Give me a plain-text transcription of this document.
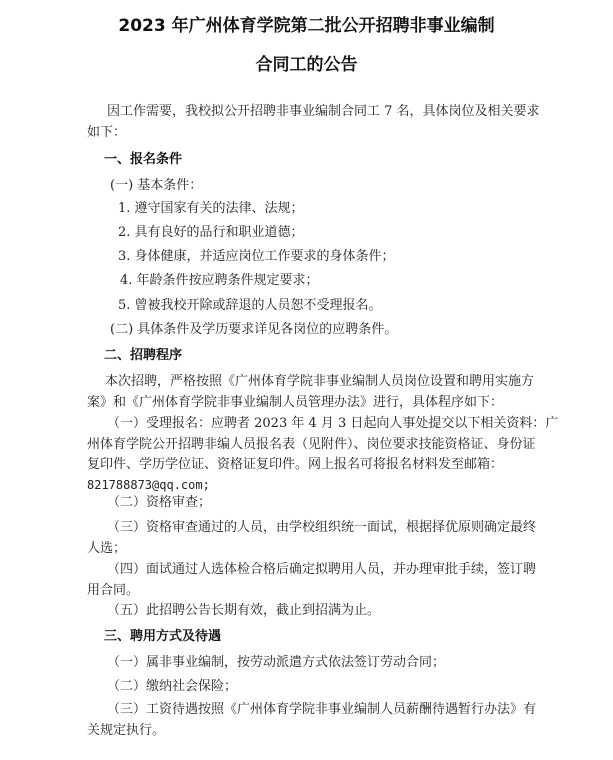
2023 年广州体育学院第二批公开招聘非事业编制
合同工的公告
因工作需要，我校拟公开招聘非事业编制合同工 7 名，具体岗位及相关要求
如下：
一、报名条件
(一) 基本条件：
1. 遵守国家有关的法律、法规；
2. 具有良好的品行和职业道德；
3. 身体健康，并适应岗位工作要求的身体条件；
4. 年龄条件按应聘条件规定要求；
5. 曾被我校开除或辞退的人员恕不受理报名。
(二) 具体条件及学历要求详见各岗位的应聘条件。
二、招聘程序
本次招聘，严格按照《广州体育学院非事业编制人员岗位设置和聘用实施方
案》和《广州体育学院非事业编制人员管理办法》进行，具体程序如下：
（一）受理报名：应聘者 2023 年 4 月 3 日起向人事处提交以下相关资料：广
州体育学院公开招聘非编人员报名表（见附件）、岗位要求技能资格证、身份证
复印件、学历学位证、资格证复印件。网上报名可将报名材料发至邮箱：
821788873@qq.com;
（二）资格审查；
（三）资格审查通过的人员，由学校组织统一面试，根据择优原则确定最终
人选；
（四）面试通过人选体检合格后确定拟聘用人员，并办理审批手续，签订聘
用合同。
（五）此招聘公告长期有效，截止到招满为止。
三、聘用方式及待遇
（一）属非事业编制，按劳动派遣方式依法签订劳动合同；
（二）缴纳社会保险；
（三）工资待遇按照《广州体育学院非事业编制人员薪酬待遇暂行办法》有
关规定执行。
